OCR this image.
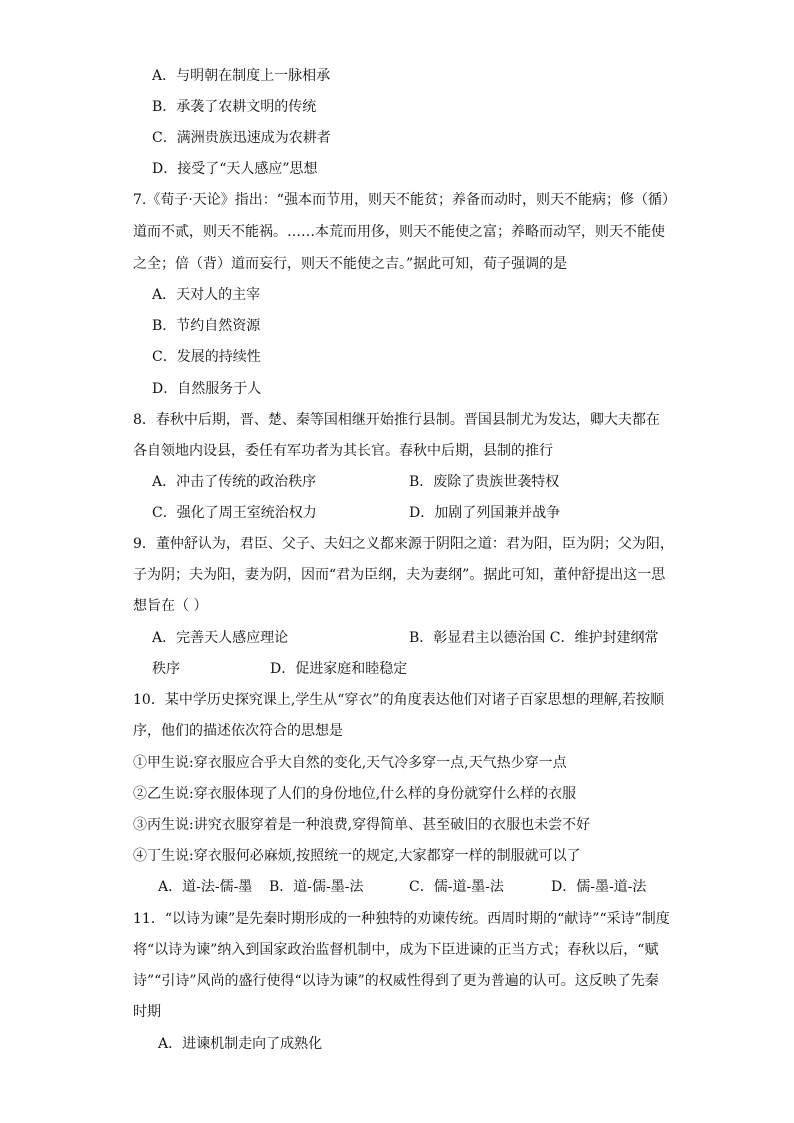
A．与明朝在制度上一脉相承
B．承袭了农耕文明的传统
C．满洲贵族迅速成为农耕者
D．接受了“天人感应”思想
7.《荀子·天论》指出：“强本而节用，则天不能贫；养备而动时，则天不能病；修（循）
道而不贰，则天不能祸。……本荒而用侈，则天不能使之富；养略而动罕，则天不能使
之全；倍（背）道而妄行，则天不能使之吉。”据此可知，荀子强调的是
A．天对人的主宰
B．节约自然资源
C．发展的持续性
D．自然服务于人
8．春秋中后期，晋、楚、秦等国相继开始推行县制。晋国县制尤为发达，卿大夫都在
各自领地内设县，委任有军功者为其长官。春秋中后期，县制的推行
A．冲击了传统的政治秩序	B．废除了贵族世袭特权
C．强化了周王室统治权力	D．加剧了列国兼并战争
9．董仲舒认为，君臣、父子、夫妇之义都来源于阴阳之道：君为阳，臣为阴；父为阳，
子为阴；夫为阳，妻为阴，因而“君为臣纲，夫为妻纲”。据此可知，董仲舒提出这一思
想旨在（ ）
A．完善天人感应理论	B．彰显君主以德治国 C．维护封建纲常
秩序	D．促进家庭和睦稳定
10．某中学历史探究课上,学生从“穿衣”的角度表达他们对诸子百家思想的理解,若按顺
序，他们的描述依次符合的思想是
①甲生说:穿衣服应合乎大自然的变化,天气冷多穿一点,天气热少穿一点
②乙生说:穿衣服体现了人们的身份地位,什么样的身份就穿什么样的衣服
③丙生说:讲究衣服穿着是一种浪费,穿得简单、甚至破旧的衣服也未尝不好
④丁生说:穿衣服何必麻烦,按照统一的规定,大家都穿一样的制服就可以了
A．道-法-儒-墨 B．道-儒-墨-法	C．儒-道-墨-法	D．儒-墨-道-法
11．“以诗为谏”是先秦时期形成的一种独特的劝谏传统。西周时期的“献诗”“采诗”制度
将“以诗为谏”纳入到国家政治监督机制中，成为下臣进谏的正当方式；春秋以后，“赋
诗”“引诗”风尚的盛行使得“以诗为谏”的权威性得到了更为普遍的认可。这反映了先秦
时期
A．进谏机制走向了成熟化
